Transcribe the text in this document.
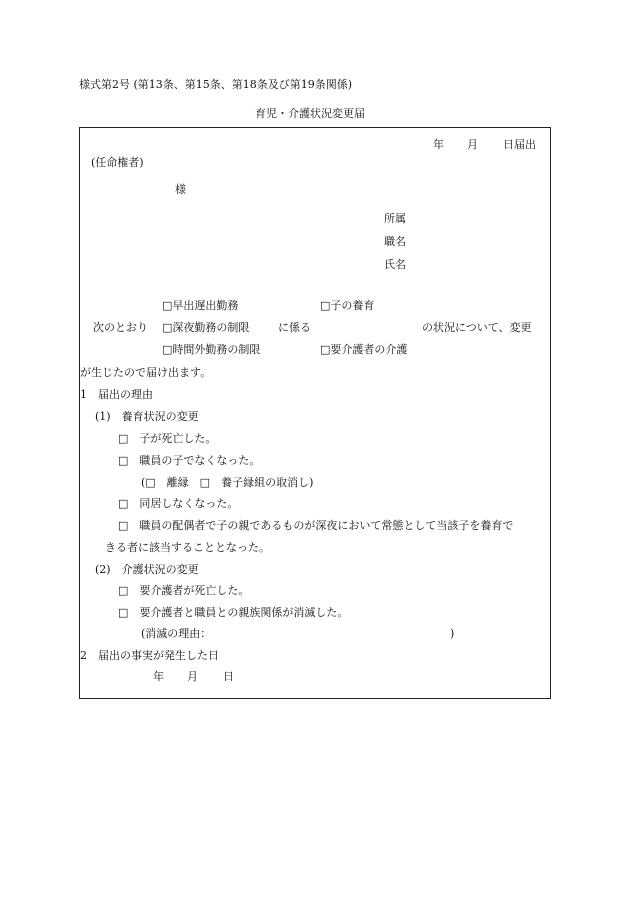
様式第2号 (第13条、第15条、第18条及び第19条関係)
育児・介護状況変更届
年 月 日届出
(任命権者)
様
所属
職名
氏名
□早出遅出勤務	□子の養育
次のとおり □深夜勤務の制限	に係る	の状況について、変更
□時間外勤務の制限	□要介護者の介護
が生じたので届け出ます。
1　届出の理由
(1)　養育状況の変更
□　子が死亡した。
□　職員の子でなくなった。
(□　離縁　□　養子縁組の取消し)
□　同居しなくなった。
□　職員の配偶者で子の親であるものが深夜において常態として当該子を養育で
きる者に該当することとなった。
(2)　介護状況の変更
□　要介護者が死亡した。
□　要介護者と職員との親族関係が消滅した。
(消滅の理由：	)
2　届出の事実が発生した日
年 月 日
